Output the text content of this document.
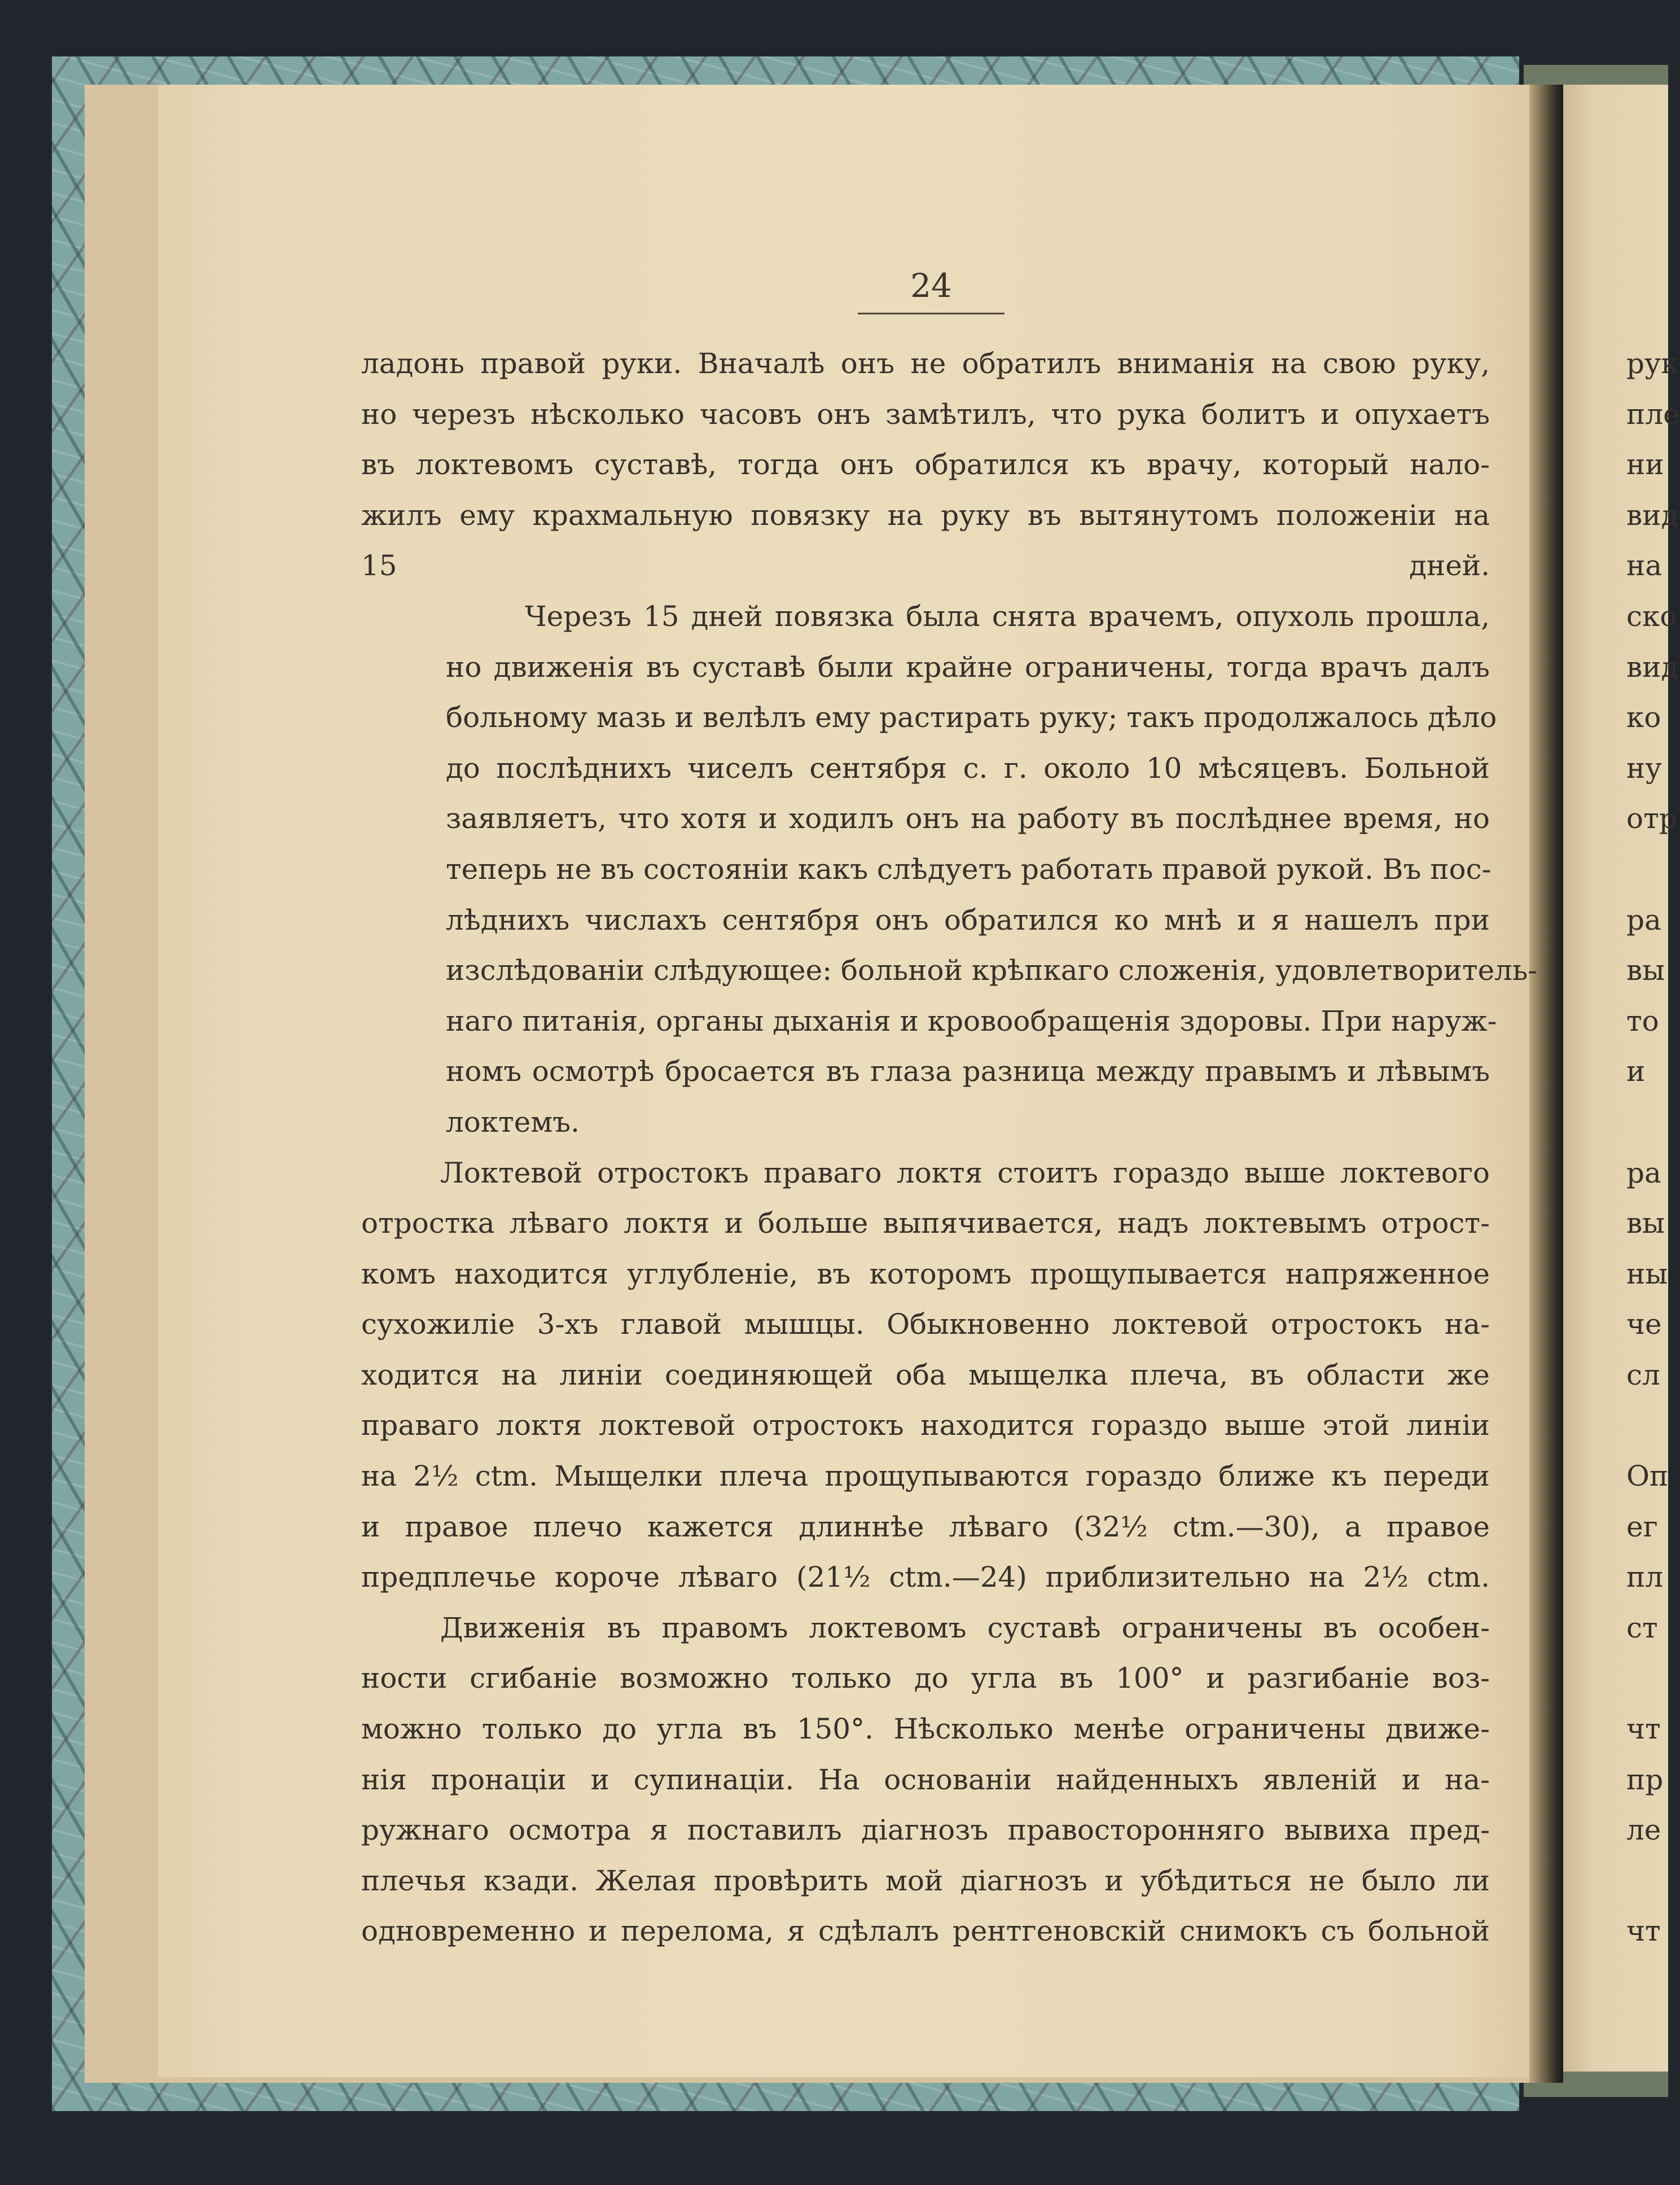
24

ладонь правой руки. Вначалѣ онъ не обратилъ вниманія на свою руку,
но черезъ нѣсколько часовъ онъ замѣтилъ, что рука болитъ и опухаетъ
въ локтевомъ суставѣ, тогда онъ обратился къ врачу, который нало-
жилъ ему крахмальную повязку на руку въ вытянутомъ положеніи на
15 дней.

Черезъ 15 дней повязка была снята врачемъ, опухоль прошла,
но движенія въ суставѣ были крайне ограничены, тогда врачъ далъ
больному мазь и велѣлъ ему растирать руку; такъ продолжалось дѣло
до послѣднихъ чиселъ сентября с. г. около 10 мѣсяцевъ. Больной
заявляетъ, что хотя и ходилъ онъ на работу въ послѣднее время, но
теперь не въ состояніи какъ слѣдуетъ работать правой рукой. Въ пос-
лѣднихъ числахъ сентября онъ обратился ко мнѣ и я нашелъ при
изслѣдованіи слѣдующее: больной крѣпкаго сложенія, удовлетворитель-
наго питанія, органы дыханія и кровообращенія здоровы. При наруж-
номъ осмотрѣ бросается въ глаза разница между правымъ и лѣвымъ
локтемъ.

Локтевой отростокъ праваго локтя стоитъ гораздо выше локтевого
отростка лѣваго локтя и больше выпячивается, надъ локтевымъ отрост-
комъ находится углубленіе, въ которомъ прощупывается напряженное
сухожиліе 3-хъ главой мышцы. Обыкновенно локтевой отростокъ на-
ходится на линіи соединяющей оба мыщелка плеча, въ области же
праваго локтя локтевой отростокъ находится гораздо выше этой линіи
на 2½ ctm. Мыщелки плеча прощупываются гораздо ближе къ переди
и правое плечо кажется длиннѣе лѣваго (32½ ctm.—30), а правое
предплечье короче лѣваго (21½ ctm.—24) приблизительно на 2½ ctm.

Движенія въ правомъ локтевомъ суставѣ ограничены въ особен-
ности сгибаніе возможно только до угла въ 100° и разгибаніе воз-
можно только до угла въ 150°. Нѣсколько менѣе ограничены движе-
нія пронаціи и супинаціи. На основаніи найденныхъ явленій и на-
ружнаго осмотра я поставилъ діагнозъ правосторонняго вывиха пред-
плечья кзади. Желая провѣрить мой діагнозъ и убѣдиться не было ли
одновременно и перелома, я сдѣлалъ рентгеновскій снимокъ съ больной

рук
пле
ни
вид
на
ско
вид
ко
ну
отр
ра
вы
то
и
ра
вы
ны
че
сл
Оп
ег
пл
ст
чт
пр
ле
чт
